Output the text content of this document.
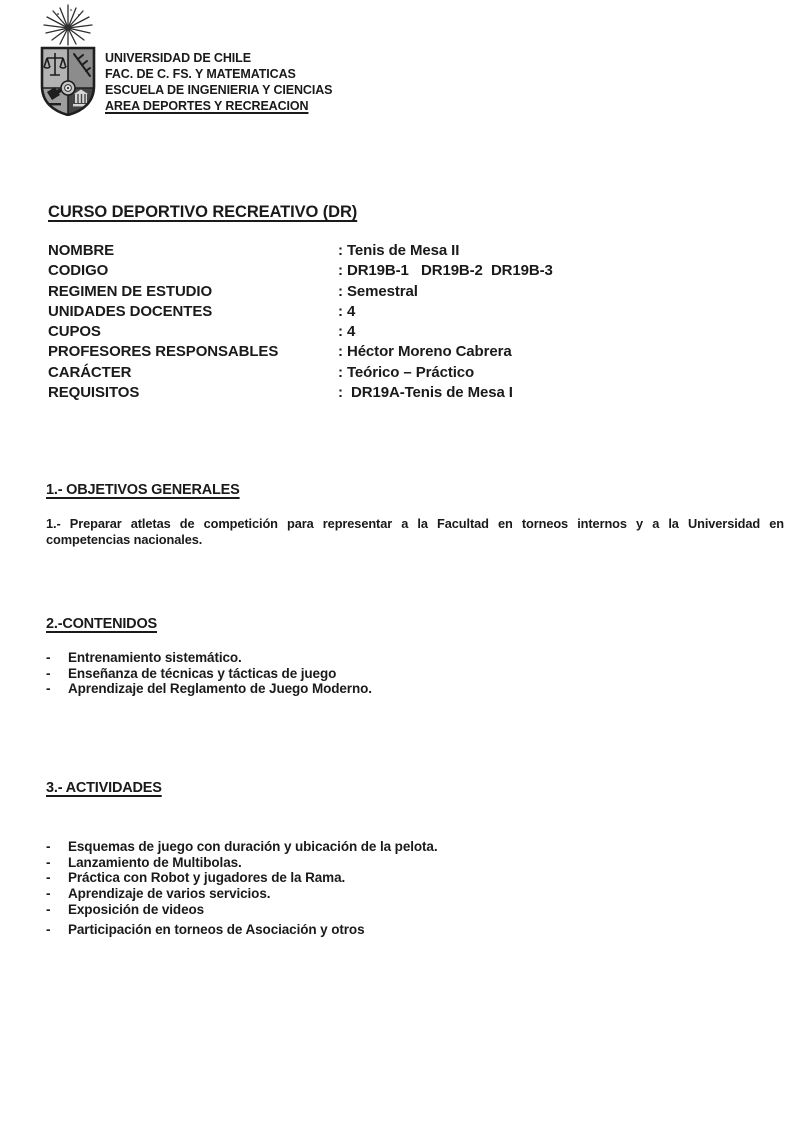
UNIVERSIDAD DE CHILE
FAC. DE C. FS. Y MATEMATICAS
ESCUELA DE INGENIERIA Y CIENCIAS
AREA DEPORTES Y RECREACION
CURSO DEPORTIVO RECREATIVO (DR)
NOMBRE	: Tenis de Mesa II
CODIGO	: DR19B-1   DR19B-2  DR19B-3
REGIMEN DE ESTUDIO	: Semestral
UNIDADES DOCENTES	: 4
CUPOS	: 4
PROFESORES RESPONSABLES	: Héctor Moreno Cabrera
CARÁCTER	: Teórico – Práctico
REQUISITOS	:  DR19A-Tenis de Mesa I
1.- OBJETIVOS GENERALES
1.- Preparar atletas de competición para representar a la Facultad en torneos internos y a la Universidad en
competencias nacionales.
2.-CONTENIDOS
-	Entrenamiento sistemático.
-	Enseñanza de técnicas y tácticas de juego
-	Aprendizaje del Reglamento de Juego Moderno.
3.- ACTIVIDADES
-	Esquemas de juego con duración y ubicación de la pelota.
-	Lanzamiento de Multibolas.
-	Práctica con Robot y jugadores de la Rama.
-	Aprendizaje de varios servicios.
-	Exposición de videos
-	Participación en torneos de Asociación y otros
